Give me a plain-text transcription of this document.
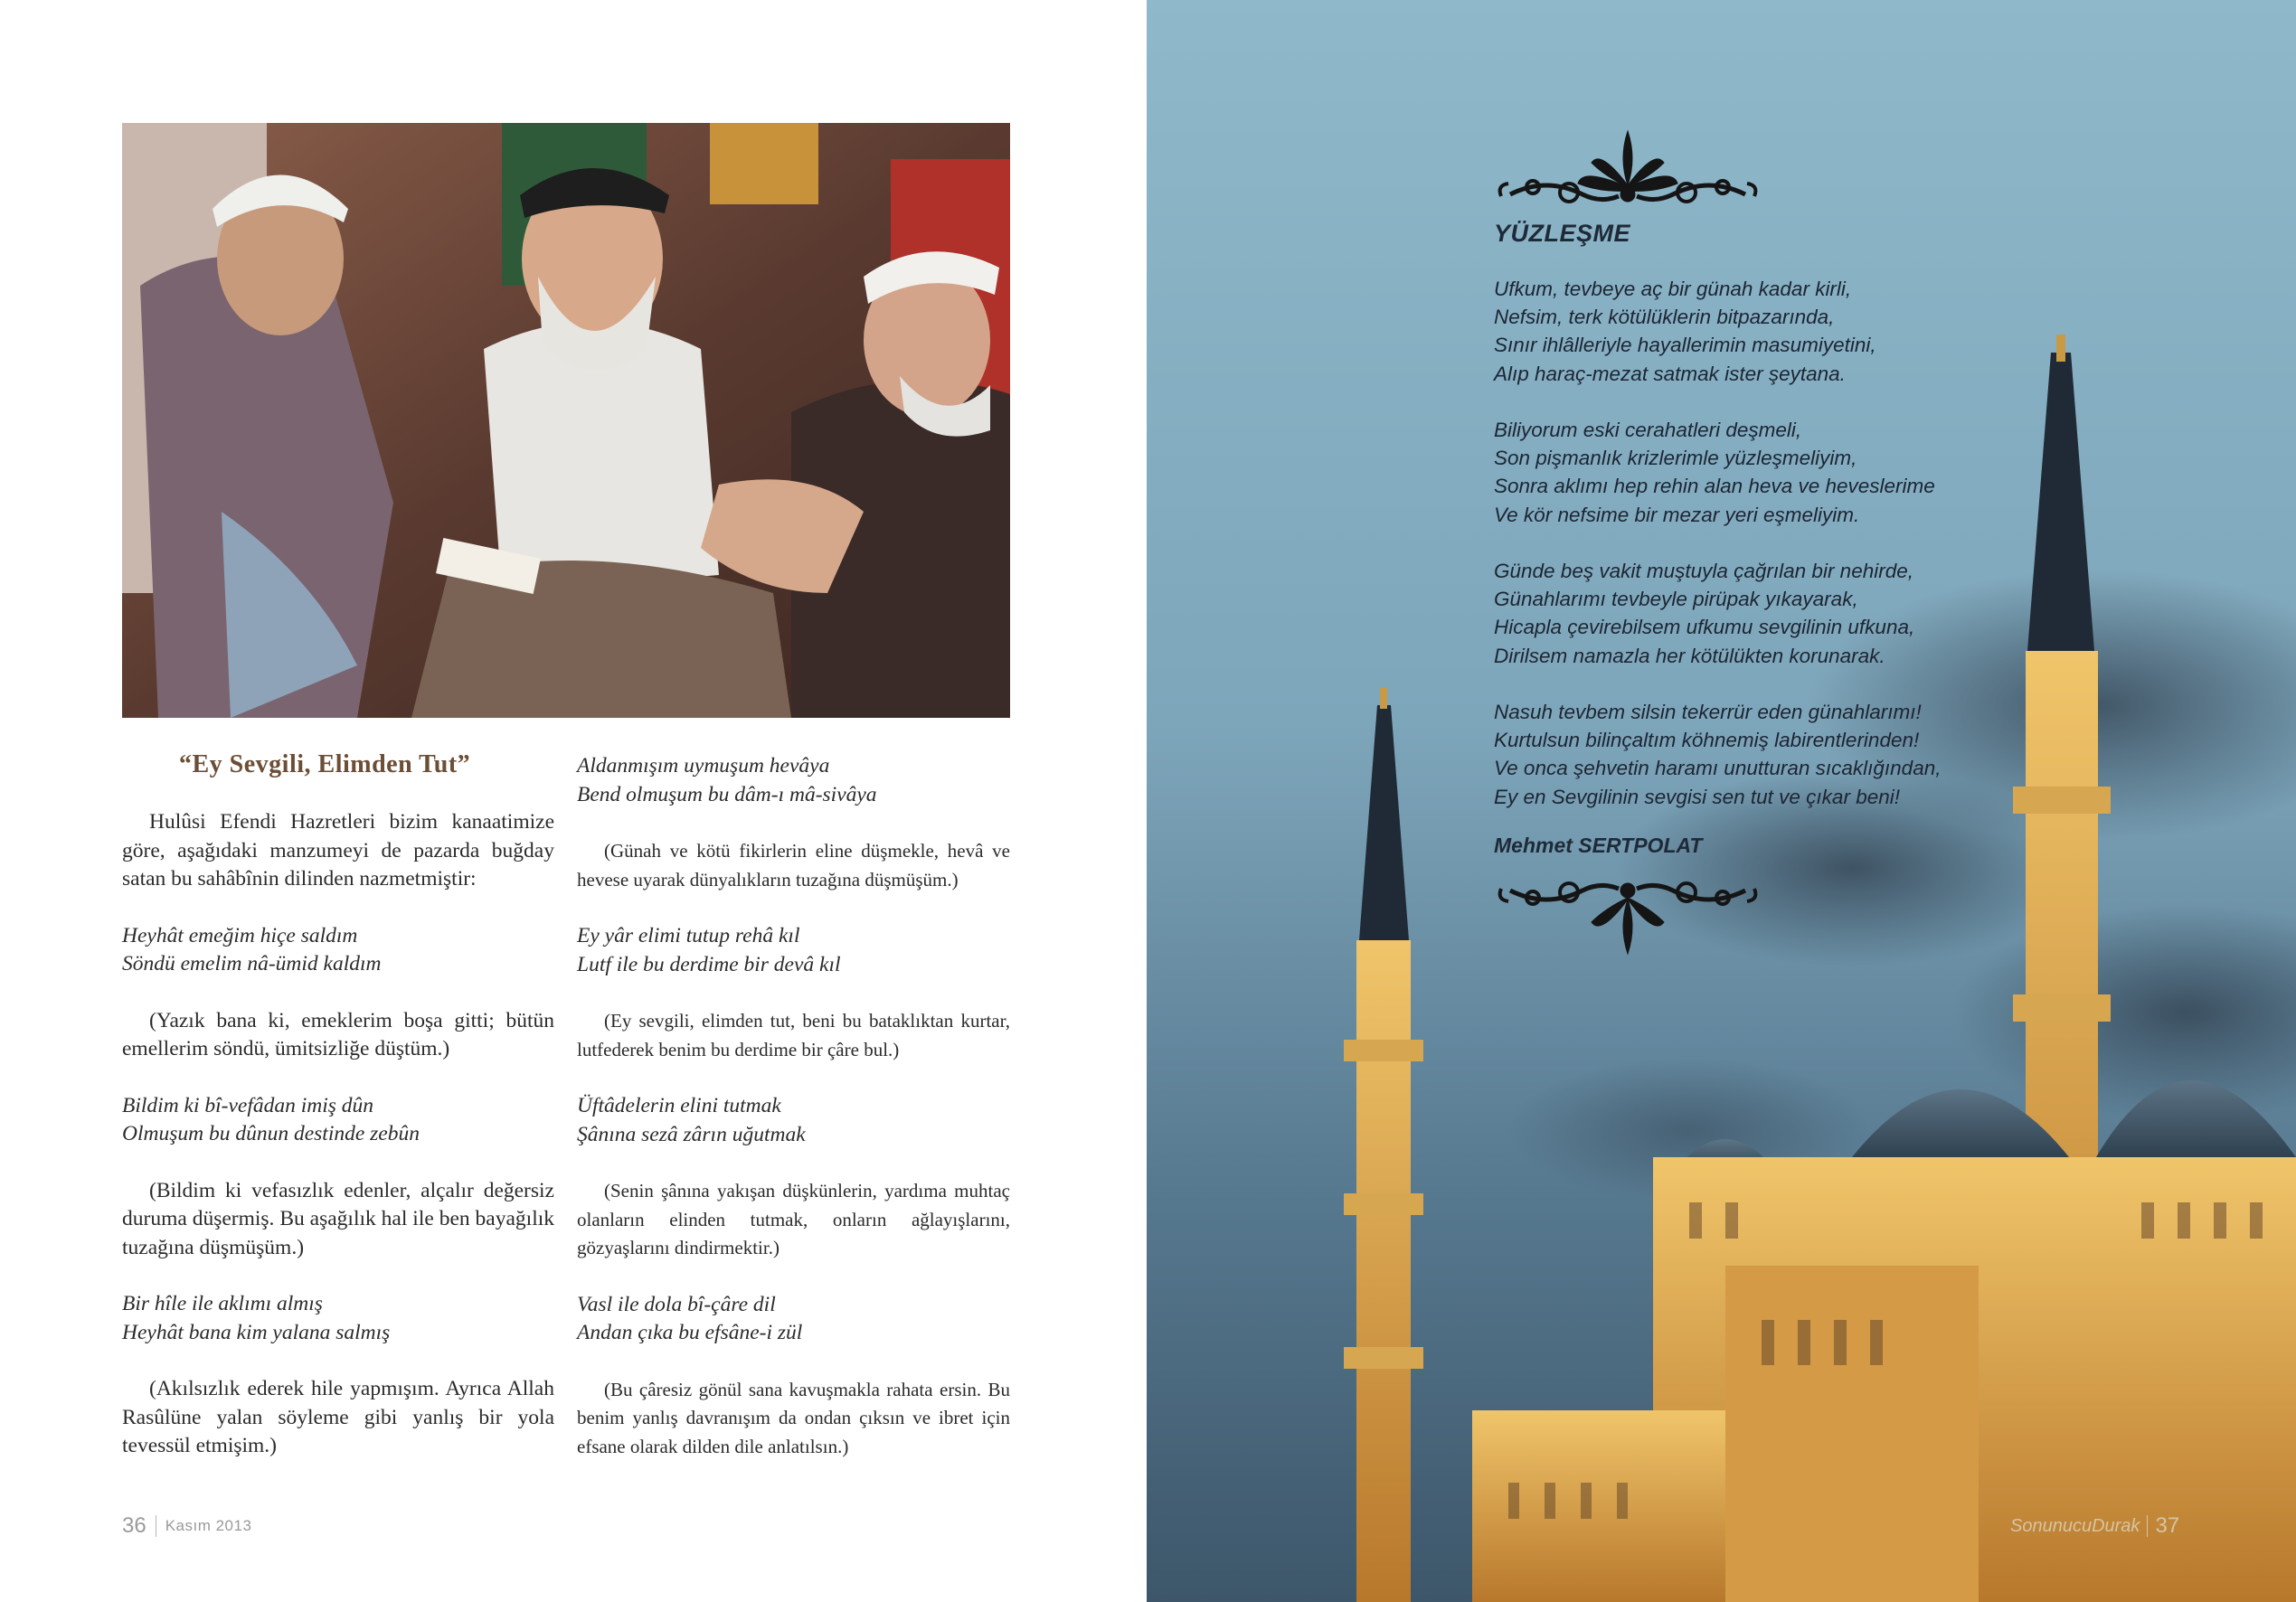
“Ey Sevgili, Elimden Tut”

Hulûsi Efendi Hazretleri bizim kanaatimize göre, aşağıdaki manzumeyi de pazarda buğday satan bu sahâbînin dilinden nazmetmiştir:

Heyhât emeğim hiçe saldım
Söndü emelim nâ-ümid kaldım

(Yazık bana ki, emeklerim boşa gitti; bütün emellerim söndü, ümitsizliğe düştüm.)

Bildim ki bî-vefâdan imiş dûn
Olmuşum bu dûnun destinde zebûn

(Bildim ki vefasızlık edenler, alçalır değersiz duruma düşermiş. Bu aşağılık hal ile ben bayağılık tuzağına düşmüşüm.)

Bir hîle ile aklımı almış
Heyhât bana kim yalana salmış

(Akılsızlık ederek hile yapmışım. Ayrıca Allah Rasûlüne yalan söyleme gibi yanlış bir yola tevessül etmişim.)

Aldanmışım uymuşum hevâya
Bend olmuşum bu dâm-ı mâ-sivâya

(Günah ve kötü fikirlerin eline düşmekle, hevâ ve hevese uyarak dünyalıkların tuzağına düşmüşüm.)

Ey yâr elimi tutup rehâ kıl
Lutf ile bu derdime bir devâ kıl

(Ey sevgili, elimden tut, beni bu bataklıktan kurtar, lutfederek benim bu derdime bir çâre bul.)

Üftâdelerin elini tutmak
Şânına sezâ zârın uğutmak

(Senin şânına yakışan düşkünlerin, yardıma muhtaç olanların elinden tutmak, onların ağlayışlarını, gözyaşlarını dindirmektir.)

Vasl ile dola bî-çâre dil
Andan çıka bu efsâne-i zül

(Bu çâresiz gönül sana kavuşmakla rahata ersin. Bu benim yanlış davranışım da ondan çıksın ve ibret için efsane olarak dilden dile anlatılsın.)

36 Kasım 2013
YÜZLEŞME
Ufkum, tevbeye aç bir günah kadar kirli,
Nefsim, terk kötülüklerin bitpazarında,
Sınır ihlâlleriyle hayallerimin masumiyetini,
Alıp haraç-mezat satmak ister şeytana.
Biliyorum eski cerahatleri deşmeli,
Son pişmanlık krizlerimle yüzleşmeliyim,
Sonra aklımı hep rehin alan heva ve heveslerime
Ve kör nefsime bir mezar yeri eşmeliyim.
Günde beş vakit muştuyla çağrılan bir nehirde,
Günahlarımı tevbeyle pirüpak yıkayarak,
Hicapla çevirebilsem ufkumu sevgilinin ufkuna,
Dirilsem namazla her kötülükten korunarak.
Nasuh tevbem silsin tekerrür eden günahlarımı!
Kurtulsun bilinçaltım köhnemiş labirentlerinden!
Ve onca şehvetin haramı unutturan sıcaklığından,
Ey en Sevgilinin sevgisi sen tut ve çıkar beni!
Mehmet SERTPOLAT
SonunucuDurak 37
